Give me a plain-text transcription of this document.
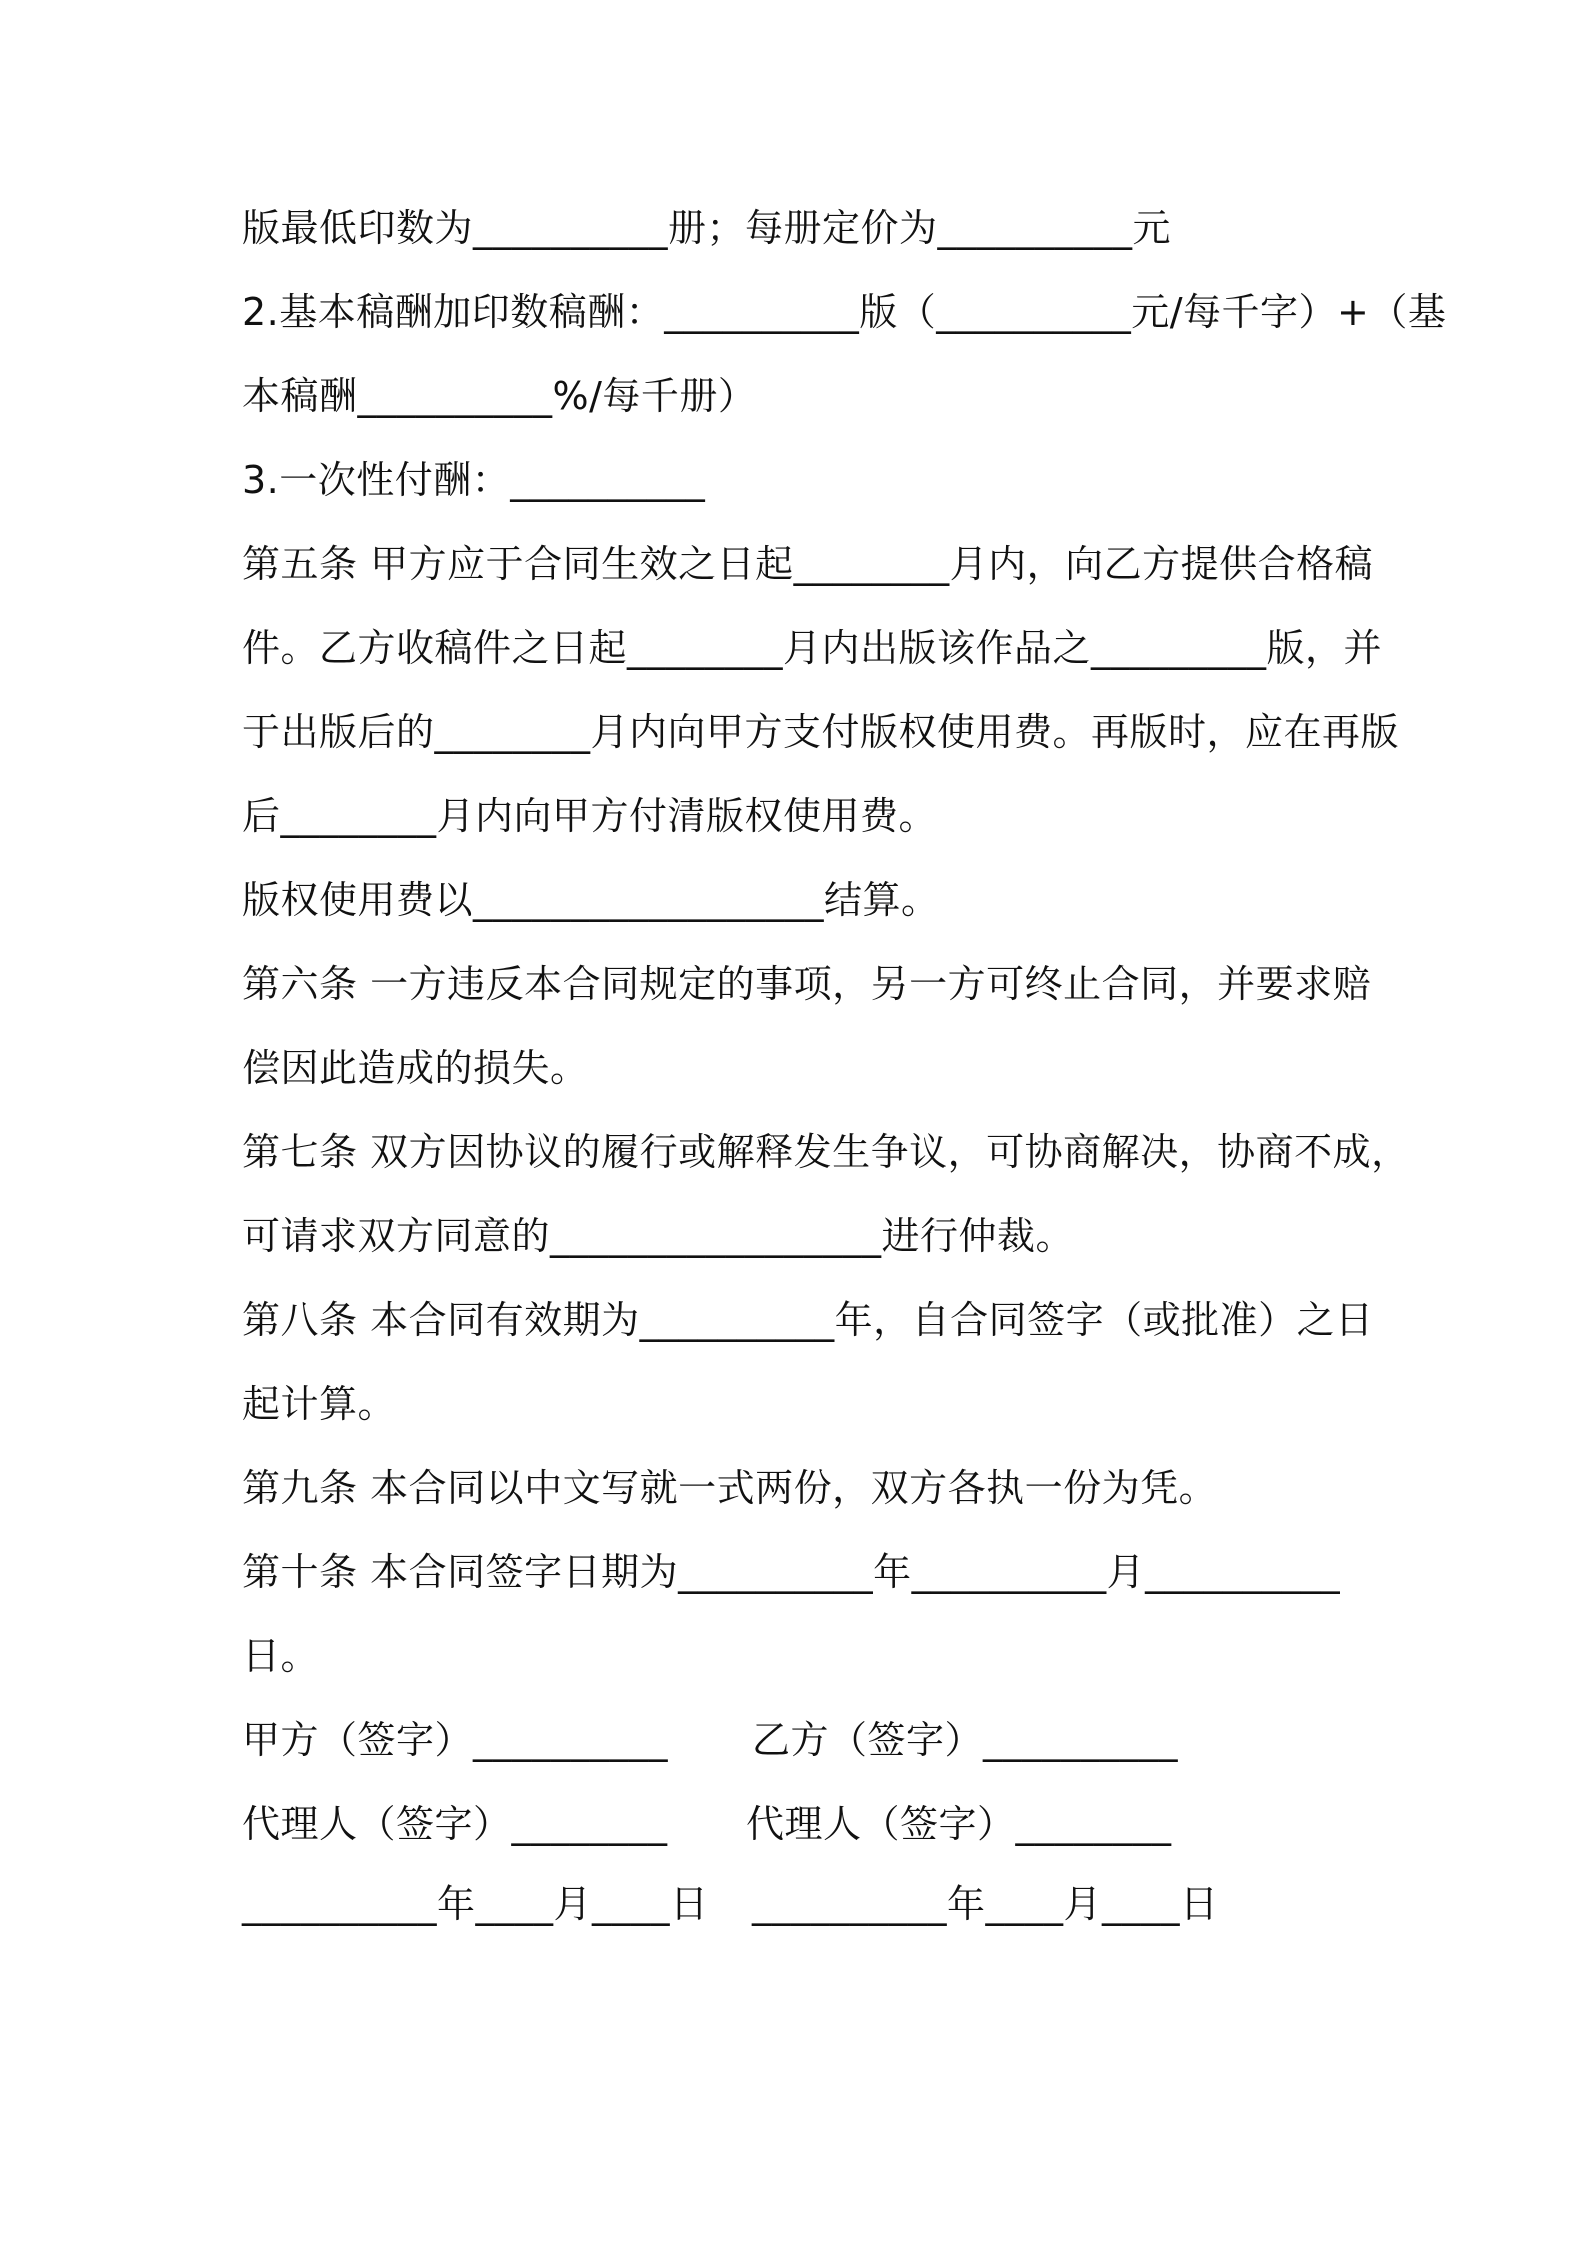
版最低印数为__________册；每册定价为__________元
2.基本稿酬加印数稿酬：__________版（__________元/每千字）+（基
本稿酬__________%/每千册）
3.一次性付酬：__________
第五条 甲方应于合同生效之日起________月内，向乙方提供合格稿
件。乙方收稿件之日起________月内出版该作品之_________版，并
于出版后的________月内向甲方支付版权使用费。再版时，应在再版
后________月内向甲方付清版权使用费。
版权使用费以__________________结算。
第六条 一方违反本合同规定的事项，另一方可终止合同，并要求赔
偿因此造成的损失。
第七条 双方因协议的履行或解释发生争议，可协商解决，协商不成，
可请求双方同意的_________________进行仲裁。
第八条 本合同有效期为__________年，自合同签字（或批准）之日
起计算。
第九条 本合同以中文写就一式两份，双方各执一份为凭。
第十条 本合同签字日期为__________年__________月__________
日。
甲方（签字）__________ 乙方（签字）__________
代理人（签字）________ 代理人（签字）________
__________年____月____日 __________年____月____日
